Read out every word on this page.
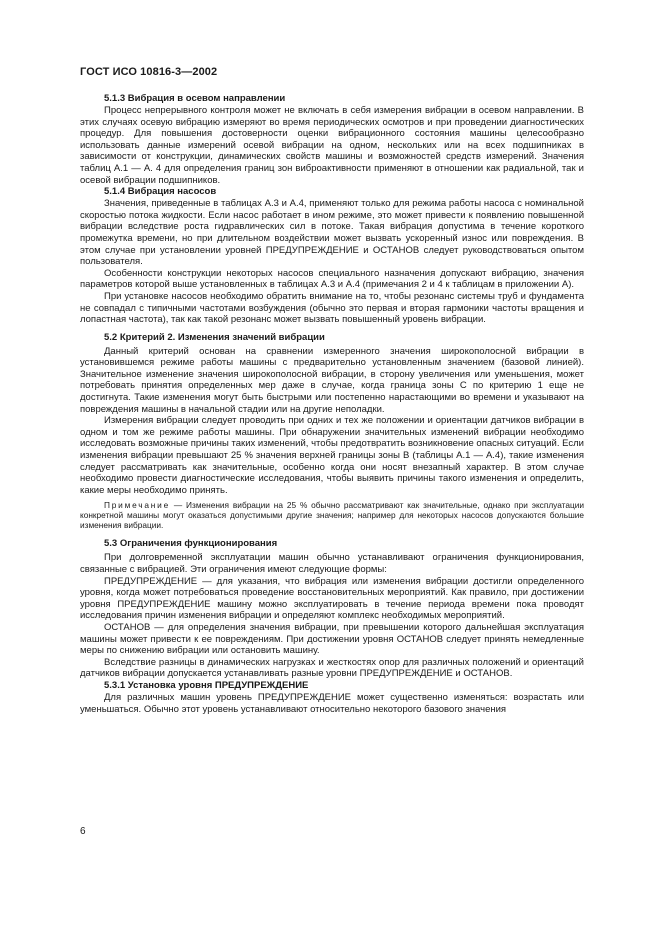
ГОСТ ИСО 10816-3—2002
5.1.3 Вибрация в осевом направлении

Процесс непрерывного контроля может не включать в себя измерения вибрации в осевом направлении. В этих случаях осевую вибрацию измеряют во время периодических осмотров и при проведении диагностических процедур. Для повышения достоверности оценки вибрационного состояния машины целесообразно использовать данные измерений осевой вибрации на одном, нескольких или на всех подшипниках в зависимости от конструкции, динамических свойств машины и возможностей средств измерений. Значения таблиц А.1 — А. 4 для определения границ зон виброактивности применяют в отношении как радиальной, так и осевой вибрации подшипников.

5.1.4 Вибрация насосов

Значения, приведенные в таблицах А.3 и А.4, применяют только для режима работы насоса с номинальной скоростью потока жидкости. Если насос работает в ином режиме, это может привести к появлению повышенной вибрации вследствие роста гидравлических сил в потоке. Такая вибрация допустима в течение короткого промежутка времени, но при длительном воздействии может вызвать ускоренный износ или повреждения. В этом случае при установлении уровней ПРЕДУПРЕЖДЕНИЕ и ОСТАНОВ следует руководствоваться опытом пользователя.

Особенности конструкции некоторых насосов специального назначения допускают вибрацию, значения параметров которой выше установленных в таблицах А.3 и А.4 (примечания 2 и 4 к таблицам в приложении А).

При установке насосов необходимо обратить внимание на то, чтобы резонанс системы труб и фундамента не совпадал с типичными частотами возбуждения (обычно это первая и вторая гармоники частоты вращения и лопастная частота), так как такой резонанс может вызвать повышенный уровень вибрации.

5.2 Критерий 2. Изменения значений вибрации

Данный критерий основан на сравнении измеренного значения широкополосной вибрации в установившемся режиме работы машины с предварительно установленным значением (базовой линией). Значительное изменение значения широкополосной вибрации, в сторону увеличения или уменьшения, может потребовать принятия определенных мер даже в случае, когда граница зоны С по критерию 1 еще не достигнута. Такие изменения могут быть быстрыми или постепенно нарастающими во времени и указывают на повреждения машины в начальной стадии или на другие неполадки.

Измерения вибрации следует проводить при одних и тех же положении и ориентации датчиков вибрации в одном и том же режиме работы машины. При обнаружении значительных изменений вибрации необходимо исследовать возможные причины таких изменений, чтобы предотвратить возникновение опасных ситуаций. Если изменения вибрации превышают 25 % значения верхней границы зоны В (таблицы А.1 — А.4), такие изменения следует рассматривать как значительные, особенно когда они носят внезапный характер. В этом случае необходимо провести диагностические исследования, чтобы выявить причины такого изменения и определить, какие меры необходимо принять.

Примечание — Изменения вибрации на 25 % обычно рассматривают как значительные, однако при эксплуатации конкретной машины могут оказаться допустимыми другие значения; например для некоторых насосов допускаются большие изменения вибрации.

5.3 Ограничения функционирования

При долговременной эксплуатации машин обычно устанавливают ограничения функционирования, связанные с вибрацией. Эти ограничения имеют следующие формы:

ПРЕДУПРЕЖДЕНИЕ — для указания, что вибрация или изменения вибрации достигли определенного уровня, когда может потребоваться проведение восстановительных мероприятий. Как правило, при достижении уровня ПРЕДУПРЕЖДЕНИЕ машину можно эксплуатировать в течение периода времени пока проводят исследования причин изменения вибрации и определяют комплекс необходимых мероприятий.

ОСТАНОВ — для определения значения вибрации, при превышении которого дальнейшая эксплуатация машины может привести к ее повреждениям. При достижении уровня ОСТАНОВ следует принять немедленные меры по снижению вибрации или остановить машину.

Вследствие разницы в динамических нагрузках и жесткостях опор для различных положений и ориентаций датчиков вибрации допускается устанавливать разные уровни ПРЕДУПРЕЖДЕНИЕ и ОСТАНОВ.

5.3.1 Установка уровня ПРЕДУПРЕЖДЕНИЕ

Для различных машин уровень ПРЕДУПРЕЖДЕНИЕ может существенно изменяться: возрастать или уменьшаться. Обычно этот уровень устанавливают относительно некоторого базового значения

6
